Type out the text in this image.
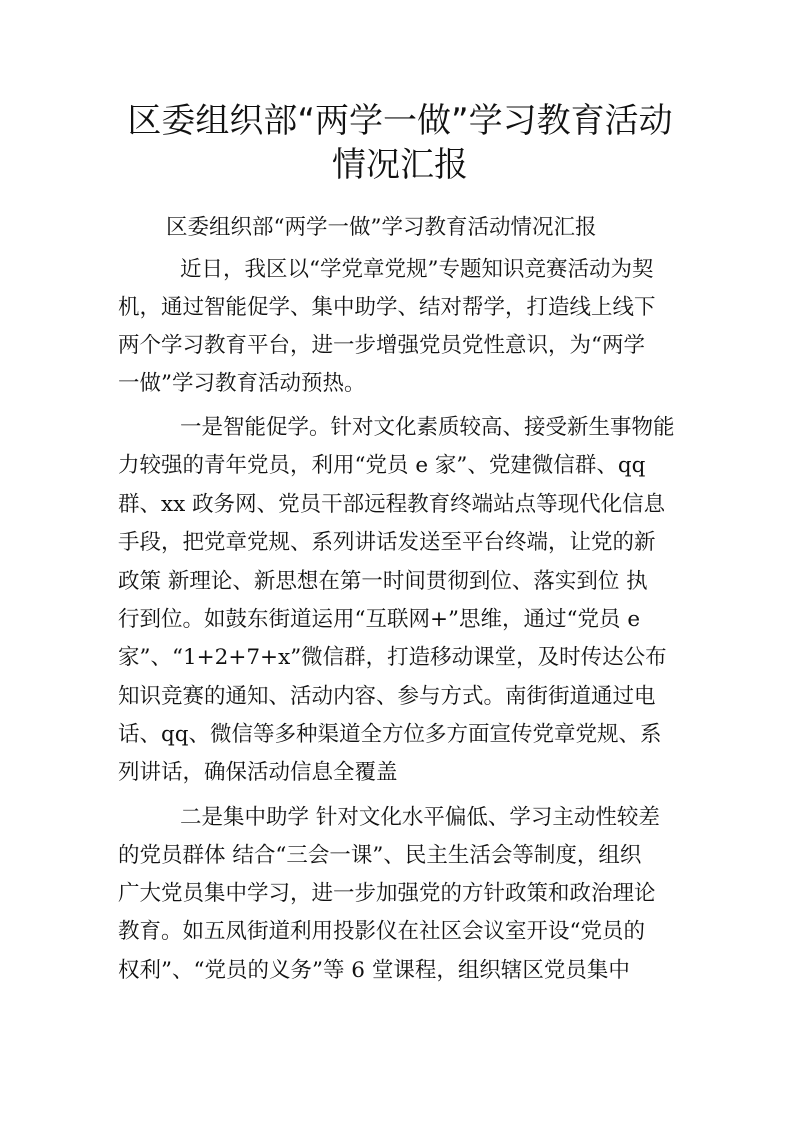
区委组织部“两学一做”学习教育活动
情况汇报
区委组织部“两学一做”学习教育活动情况汇报
近日，我区以“学党章党规”专题知识竞赛活动为契
机，通过智能促学、集中助学、结对帮学，打造线上线下
两个学习教育平台，进一步增强党员党性意识，为“两学
一做”学习教育活动预热。
一是智能促学。针对文化素质较高、接受新生事物能
力较强的青年党员，利用“党员 e 家”、党建微信群、qq
群、xx 政务网、党员干部远程教育终端站点等现代化信息
手段，把党章党规、系列讲话发送至平台终端，让党的新
政策 新理论、新思想在第一时间贯彻到位、落实到位 执
行到位。如鼓东街道运用“互联网+”思维，通过“党员 e
家”、“1+2+7+x”微信群，打造移动课堂，及时传达公布
知识竞赛的通知、活动内容、参与方式。南街街道通过电
话、qq、微信等多种渠道全方位多方面宣传党章党规、系
列讲话，确保活动信息全覆盖
二是集中助学 针对文化水平偏低、学习主动性较差
的党员群体 结合“三会一课”、民主生活会等制度，组织
广大党员集中学习，进一步加强党的方针政策和政治理论
教育。如五凤街道利用投影仪在社区会议室开设“党员的
权利”、“党员的义务”等 6 堂课程，组织辖区党员集中
